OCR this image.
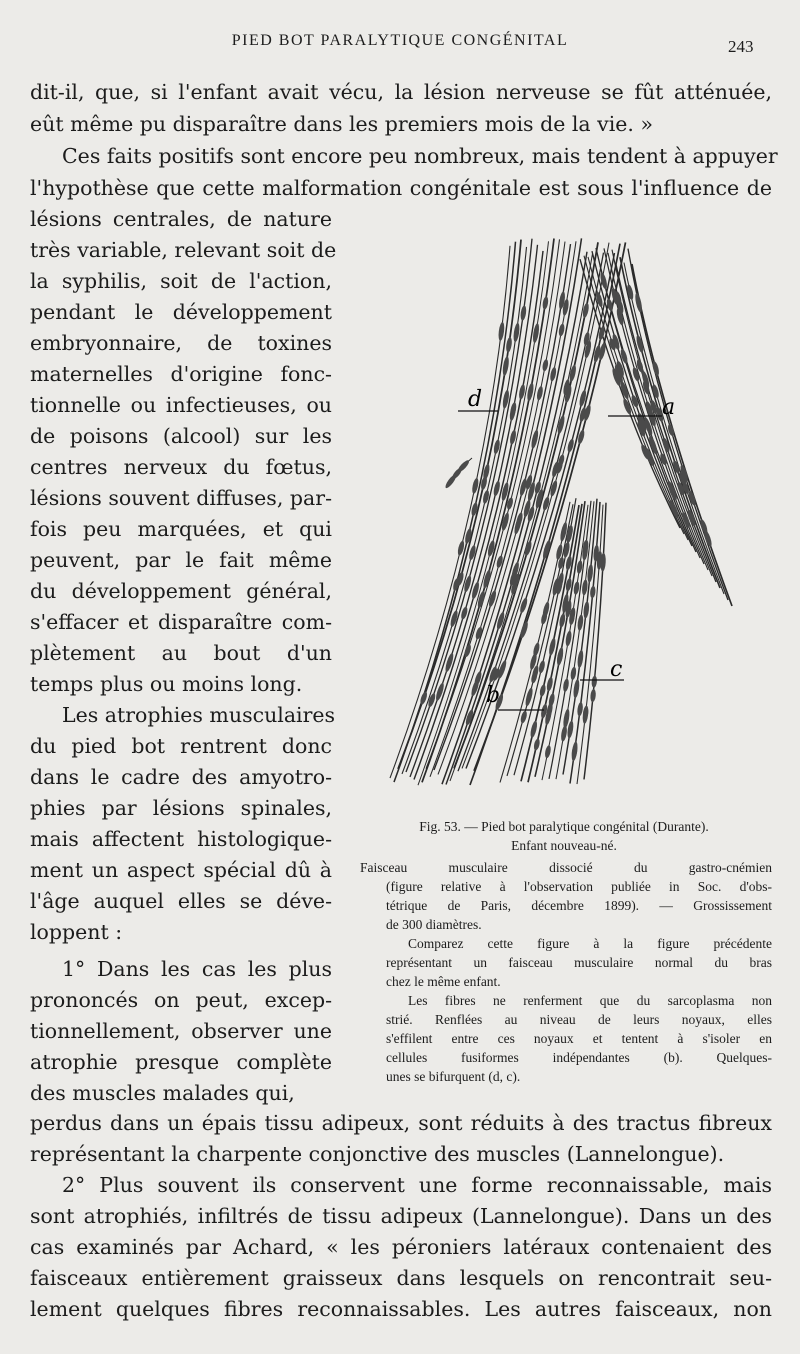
PIED BOT PARALYTIQUE CONGÉNITAL	243
dit-il, que, si l'enfant avait vécu, la lésion nerveuse se fût atténuée,
eût même pu disparaître dans les premiers mois de la vie. »
Ces faits positifs sont encore peu nombreux, mais tendent à appuyer
l'hypothèse que cette malformation congénitale est sous l'influence de
lésions centrales, de nature
très variable, relevant soit de
la syphilis, soit de l'action,
pendant le développement
embryonnaire, de toxines
maternelles d'origine fonc-
tionnelle ou infectieuses, ou
de poisons (alcool) sur les
centres nerveux du fœtus,
lésions souvent diffuses, par-
fois peu marquées, et qui
peuvent, par le fait même
du développement général,
s'effacer et disparaître com-
plètement au bout d'un
temps plus ou moins long.
Les atrophies musculaires
du pied bot rentrent donc
dans le cadre des amyotro-
phies par lésions spinales,
mais affectent histologique-
ment un aspect spécial dû à
l'âge auquel elles se déve-
loppent :
1° Dans les cas les plus
prononcés on peut, excep-
tionnellement, observer une
atrophie presque complète
des muscles malades qui,
perdus dans un épais tissu adipeux, sont réduits à des tractus fibreux
représentant la charpente conjonctive des muscles (Lannelongue).
2° Plus souvent ils conservent une forme reconnaissable, mais
sont atrophiés, infiltrés de tissu adipeux (Lannelongue). Dans un des
cas examinés par Achard, « les péroniers latéraux contenaient des
faisceaux entièrement graisseux dans lesquels on rencontrait seu-
lement quelques fibres reconnaissables. Les autres faisceaux, non
d	a
b
c
Fig. 53. — Pied bot paralytique congénital (Durante).
Enfant nouveau-né.
Faisceau musculaire dissocié du gastro-cnémien
(figure relative à l'observation publiée in Soc. d'obs-
tétrique de Paris, décembre 1899). — Grossissement
de 300 diamètres.
Comparez cette figure à la figure précédente
représentant un faisceau musculaire normal du bras
chez le même enfant.
Les fibres ne renferment que du sarcoplasma non
strié. Renflées au niveau de leurs noyaux, elles
s'effilent entre ces noyaux et tentent à s'isoler en
cellules fusiformes indépendantes (b). Quelques-
unes se bifurquent (d, c).
